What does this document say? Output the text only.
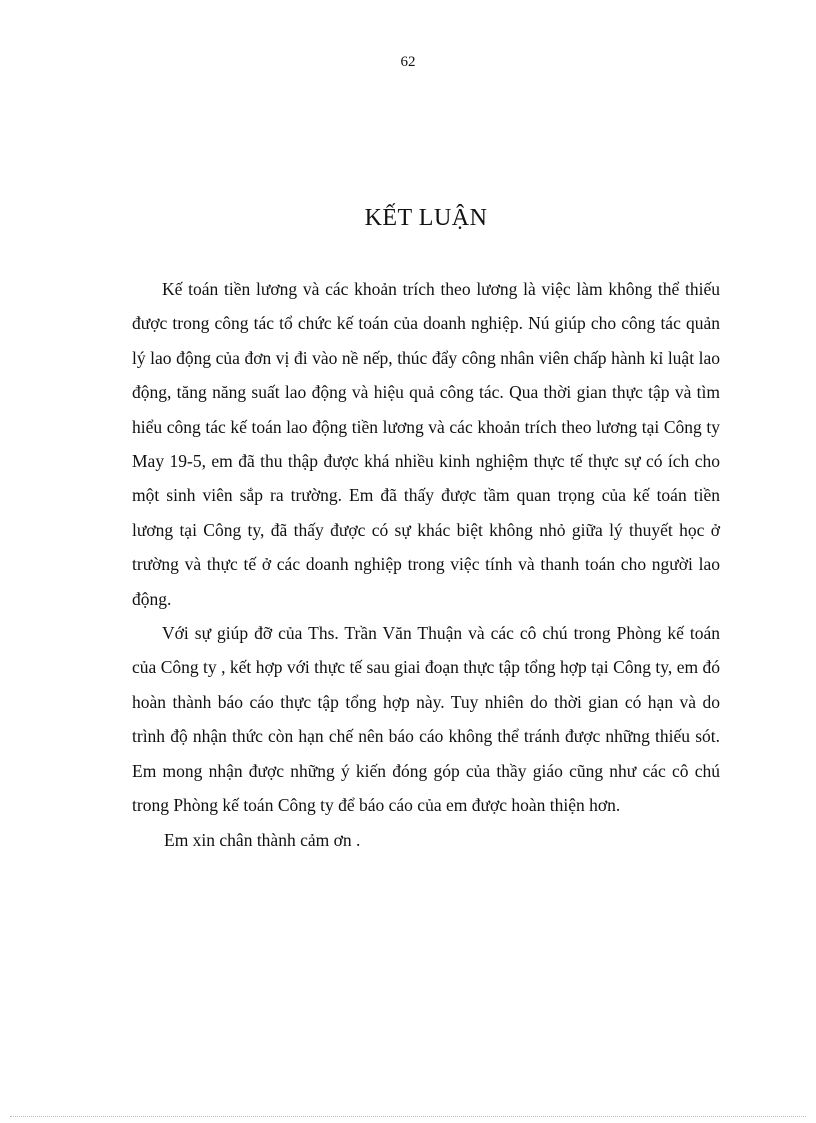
62
KẾT LUẬN

Kế toán tiền lương và các khoản trích theo lương là việc làm không thể thiếu được trong công tác tổ chức kế toán của doanh nghiệp. Nú giúp cho công tác quản lý lao động của đơn vị đi vào nề nếp, thúc đẩy công nhân viên chấp hành kỉ luật lao động, tăng năng suất lao động và hiệu quả công tác. Qua thời gian thực tập và tìm hiểu công tác kế toán lao động tiền lương và các khoản trích theo lương tại Công ty May 19-5, em đã thu thập được khá nhiều kinh nghiệm thực tế thực sự có ích cho một sinh viên sắp ra trường. Em đã thấy được tầm quan trọng của kế toán tiền lương tại Công ty, đã thấy được có sự khác biệt không nhỏ giữa lý thuyết học ở trường và thực tế ở các doanh nghiệp trong việc tính và thanh toán cho người lao động.

Với sự giúp đỡ của Ths. Trần Văn Thuận và các cô chú trong Phòng kế toán của Công ty , kết hợp với thực tế sau giai đoạn thực tập tổng hợp tại Công ty, em đó hoàn thành báo cáo thực tập tổng hợp này. Tuy nhiên do thời gian có hạn và do trình độ nhận thức còn hạn chế nên báo cáo không thể tránh được những thiếu sót. Em mong nhận được những ý kiến đóng góp của thầy giáo cũng như các cô chú trong Phòng kế toán Công ty để báo cáo của em được hoàn thiện hơn.

Em xin chân thành cảm ơn .
